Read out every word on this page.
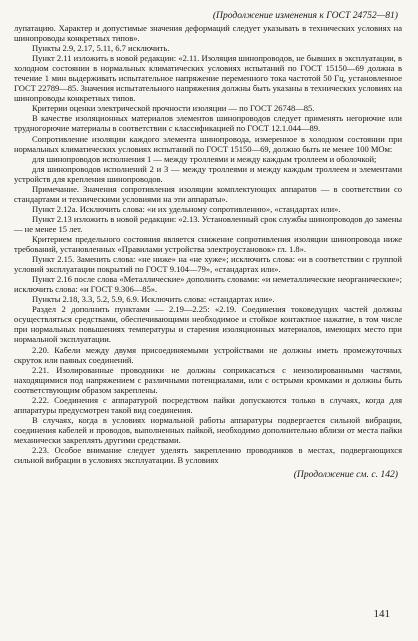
(Продолжение изменения к ГОСТ 24752—81)

лупатацию. Характер и допустимые значения деформаций следует указывать в технических условиях на шинопроводы конкретных типов».

Пункты 2.9, 2.17, 5.11, 6.7 исключить.

Пункт 2.11 изложить в новой редакции: «2.11. Изоляция шинопроводов, не бывших в эксплуатации, в холодном состоянии в нормальных климатических условиях испытаний по ГОСТ 15150—69 должна в течение 1 мин выдерживать испытательное напряжение переменного тока частотой 50 Гц, установленное ГОСТ 22789—85. Значения испытательного напряжения должны быть указаны в технических условиях на шинопроводы конкретных типов.

Критерии оценки электрической прочности изоляции — по ГОСТ 26748—85.

В качестве изоляционных материалов элементов шинопроводов следует применять негорючие или трудногорючие материалы в соответствии с классификацией по ГОСТ 12.1.044—89.

Сопротивление изоляции каждого элемента шинопровода, измеренное в холодном состоянии при нормальных климатических условиях испытаний по ГОСТ 15150—69, должно быть не менее 100 МОм:

для шинопроводов исполнения 1 — между троллеями и между каждым троллеем и оболочкой;

для шинопроводов исполнений 2 и 3 — между троллеями и между каждым троллеем и элементами устройств для крепления шинопроводов.

Примечание. Значения сопротивления изоляции комплектующих аппаратов — в соответствии со стандартами и техническими условиями на эти аппараты».

Пункт 2.12а. Исключить слова: «и их удельному сопротивлению», «стандартах или».

Пункт 2.13 изложить в новой редакции: «2.13. Установленный срок службы шинопроводов до замены — не менее 15 лет.

Критерием предельного состояния является снижение сопротивления изоляции шинопровода ниже требований, установленных «Правилами устройства электроустановок» гл. 1.8».

Пункт 2.15. Заменить слова: «не ниже» на «не хуже»; исключить слова: «и в соответствии с группой условий эксплуатации покрытий по ГОСТ 9.104—79», «стандартах или».

Пункт 2.16 после слова «Металлические» дополнить словами: «и неметаллические неорганические»; исключить слова: «и ГОСТ 9.306—85».

Пункты 2.18, 3.3, 5.2, 5.9, 6.9. Исключить слова: «стандартах или».

Раздел 2 дополнить пунктами — 2.19—2.25: «2.19. Соединения токоведущих частей должны осуществляться средствами, обеспечивающими необходимое и стойкое контактное нажатие, в том числе при нормальных повышениях температуры и старения изоляционных материалов, имеющих место при нормальной эксплуатации.

2.20. Кабели между двумя присоединяемыми устройствами не должны иметь промежуточных скруток или паяных соединений.

2.21. Изолированные проводники не должны соприкасаться с неизолированными частями, находящимися под напряжением с различными потенциалами, или с острыми кромками и должны быть соответствующим образом закреплены.

2.22. Соединения с аппаратурой посредством пайки допускаются только в случаях, когда для аппаратуры предусмотрен такой вид соединения.

В случаях, когда в условиях нормальной работы аппаратуры подвергается сильной вибрации, соединения кабелей и проводов, выполненных пайкой, необходимо дополнительно вблизи от места пайки механически закреплять другими средствами.

2.23. Особое внимание следует уделять закреплению проводников в местах, подвергающихся сильной вибрации в условиях эксплуатации. В условиях

(Продолжение см. с. 142)
141
